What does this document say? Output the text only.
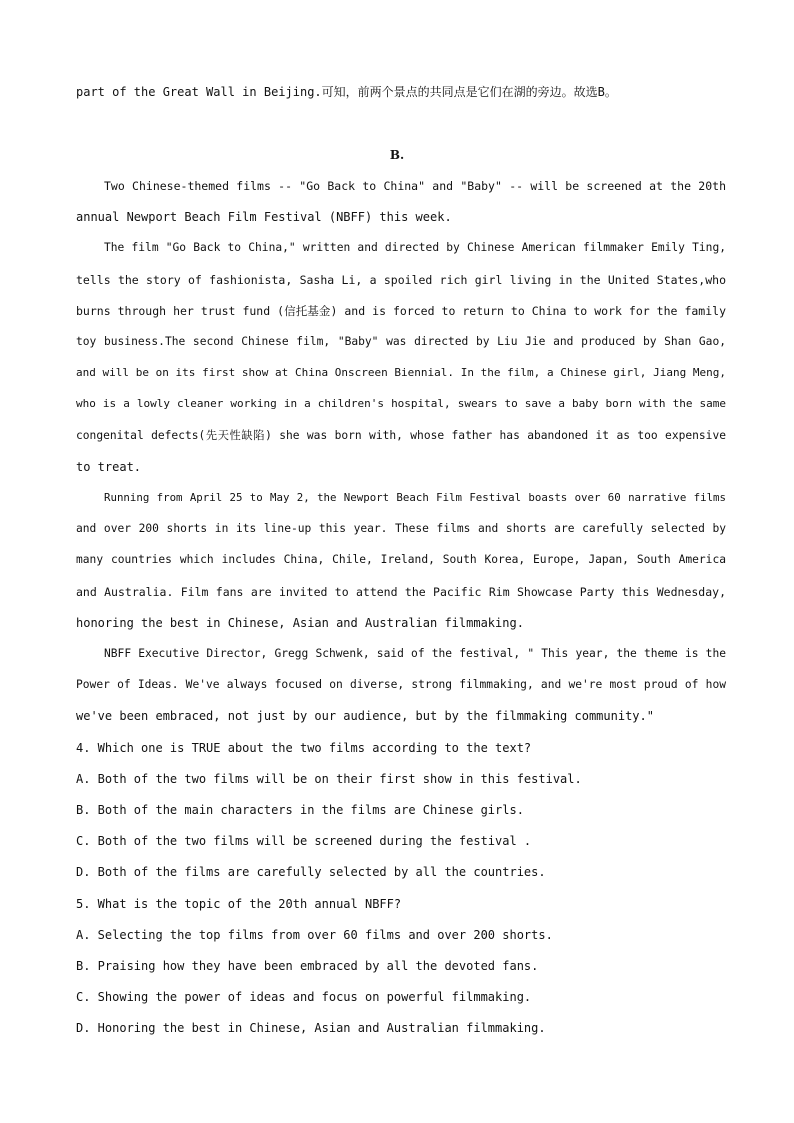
part of the Great Wall in Beijing.可知，前两个景点的共同点是它们在湖的旁边。故选B。
B.
Two Chinese-themed films -- "Go Back to China" and "Baby" -- will be screened at the 20th
annual Newport Beach Film Festival (NBFF) this week.
The film "Go Back to China," written and directed by Chinese American filmmaker Emily Ting,
tells the story of fashionista, Sasha Li, a spoiled rich girl living in the United States,who
burns through her trust fund (信托基金) and is forced to return to China to work for the family
toy business.The second Chinese film, "Baby" was directed by Liu Jie and produced by Shan Gao,
and will be on its first show at China Onscreen Biennial. In the film, a Chinese girl, Jiang Meng,
who is a lowly cleaner working in a children's hospital, swears to save a baby born with the same
congenital defects(先天性缺陷) she was born with, whose father has abandoned it as too expensive
to treat.
Running from April 25 to May 2, the Newport Beach Film Festival boasts over 60 narrative films
and over 200 shorts in its line-up this year. These films and shorts are carefully selected by
many countries which includes China, Chile, Ireland, South Korea, Europe, Japan, South America
and Australia. Film fans are invited to attend the Pacific Rim Showcase Party this Wednesday,
honoring the best in Chinese, Asian and Australian filmmaking.
NBFF Executive Director, Gregg Schwenk, said of the festival, " This year, the theme is the
Power of Ideas. We've always focused on diverse, strong filmmaking, and we're most proud of how
we've been embraced, not just by our audience, but by the filmmaking community."
4. Which one is TRUE about the two films according to the text?
A. Both of the two films will be on their first show in this festival.
B. Both of the main characters in the films are Chinese girls.
C. Both of the two films will be screened during the festival .
D. Both of the films are carefully selected by all the countries.
5. What is the topic of the 20th annual NBFF?
A. Selecting the top films from over 60 films and over 200 shorts.
B. Praising how they have been embraced by all the devoted fans.
C. Showing the power of ideas and focus on powerful filmmaking.
D. Honoring the best in Chinese, Asian and Australian filmmaking.
